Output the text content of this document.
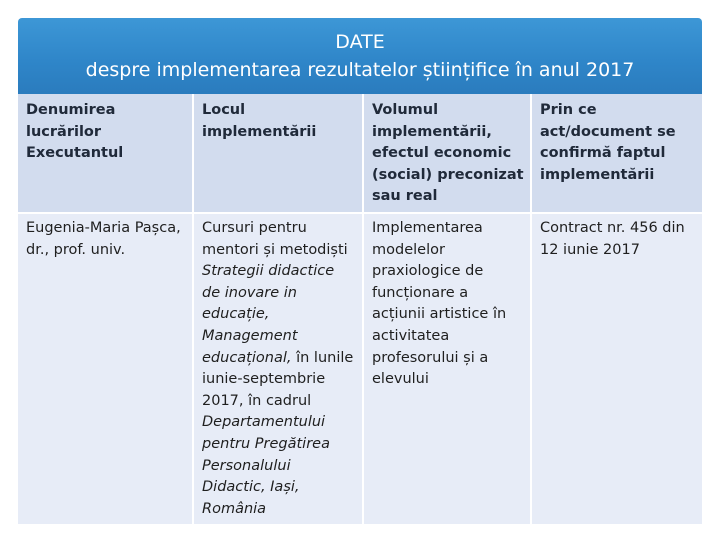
DATE
despre implementarea rezultatelor științifice în anul 2017
Denumirea lucrărilor Executantul	Locul implementării	Volumul implementării, efectul economic (social) preconizat sau real	Prin ce act/document se confirmă faptul implementării
Eugenia-Maria Pașca, dr., prof. univ.	Cursuri pentru mentori și metodiști Strategii didactice de inovare in educație, Management educațional, în lunile iunie-septembrie 2017, în cadrul Departamentului pentru Pregătirea Personalului Didactic, Iași, România	Implementarea modelelor praxiologice de funcționare a acțiunii artistice în activitatea profesorului și a elevului	Contract nr. 456 din 12 iunie 2017
